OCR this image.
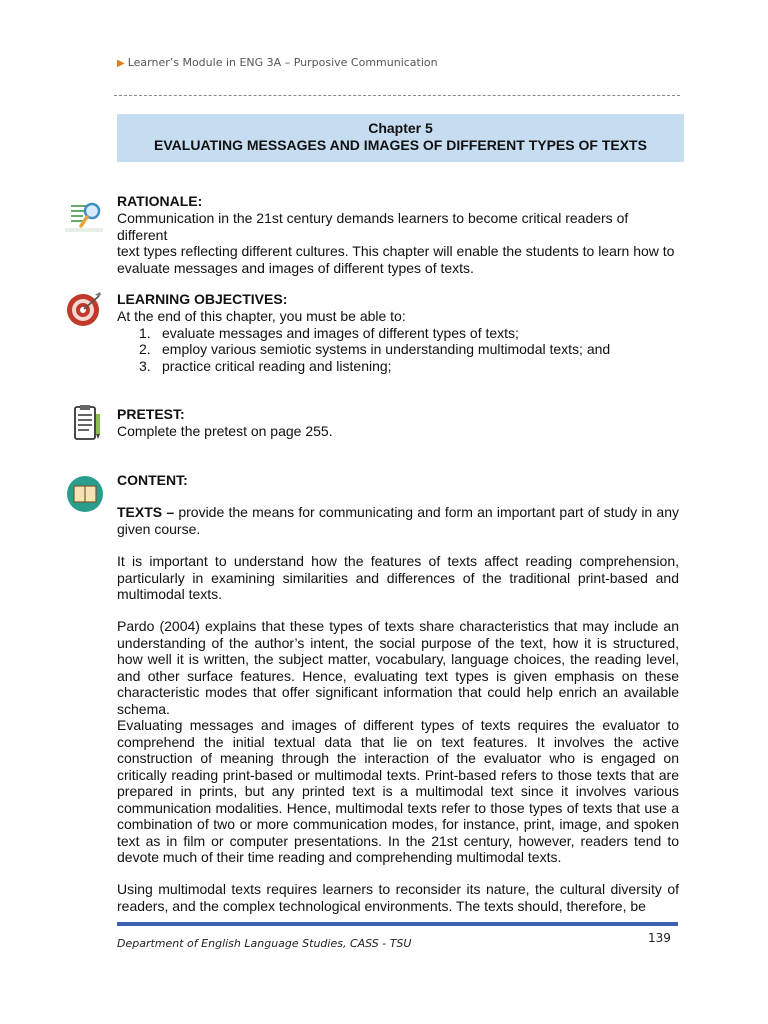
▶ Learner’s Module in ENG 3A – Purposive Communication
Chapter 5
EVALUATING MESSAGES AND IMAGES OF DIFFERENT TYPES OF TEXTS
RATIONALE:
Communication in the 21st century demands learners to become critical readers of different
text types reflecting different cultures. This chapter will enable the students to learn how to
evaluate messages and images of different types of texts.
LEARNING OBJECTIVES:
At the end of this chapter, you must be able to:
1. evaluate messages and images of different types of texts;
2. employ various semiotic systems in understanding multimodal texts; and
3. practice critical reading and listening;
PRETEST:
Complete the pretest on page 255.
CONTENT:
TEXTS – provide the means for communicating and form an important part of study in any given course.
It is important to understand how the features of texts affect reading comprehension, particularly in examining similarities and differences of the traditional print-based and multimodal texts.
Pardo (2004) explains that these types of texts share characteristics that may include an understanding of the author’s intent, the social purpose of the text, how it is structured, how well it is written, the subject matter, vocabulary, language choices, the reading level, and other surface features. Hence, evaluating text types is given emphasis on these characteristic modes that offer significant information that could help enrich an available schema.
Evaluating messages and images of different types of texts requires the evaluator to comprehend the initial textual data that lie on text features. It involves the active construction of meaning through the interaction of the evaluator who is engaged on critically reading print-based or multimodal texts. Print-based refers to those texts that are prepared in prints, but any printed text is a multimodal text since it involves various communication modalities. Hence, multimodal texts refer to those types of texts that use a combination of two or more communication modes, for instance, print, image, and spoken text as in film or computer presentations. In the 21st century, however, readers tend to devote much of their time reading and comprehending multimodal texts.
Using multimodal texts requires learners to reconsider its nature, the cultural diversity of readers, and the complex technological environments. The texts should, therefore, be
139
Department of English Language Studies, CASS - TSU
